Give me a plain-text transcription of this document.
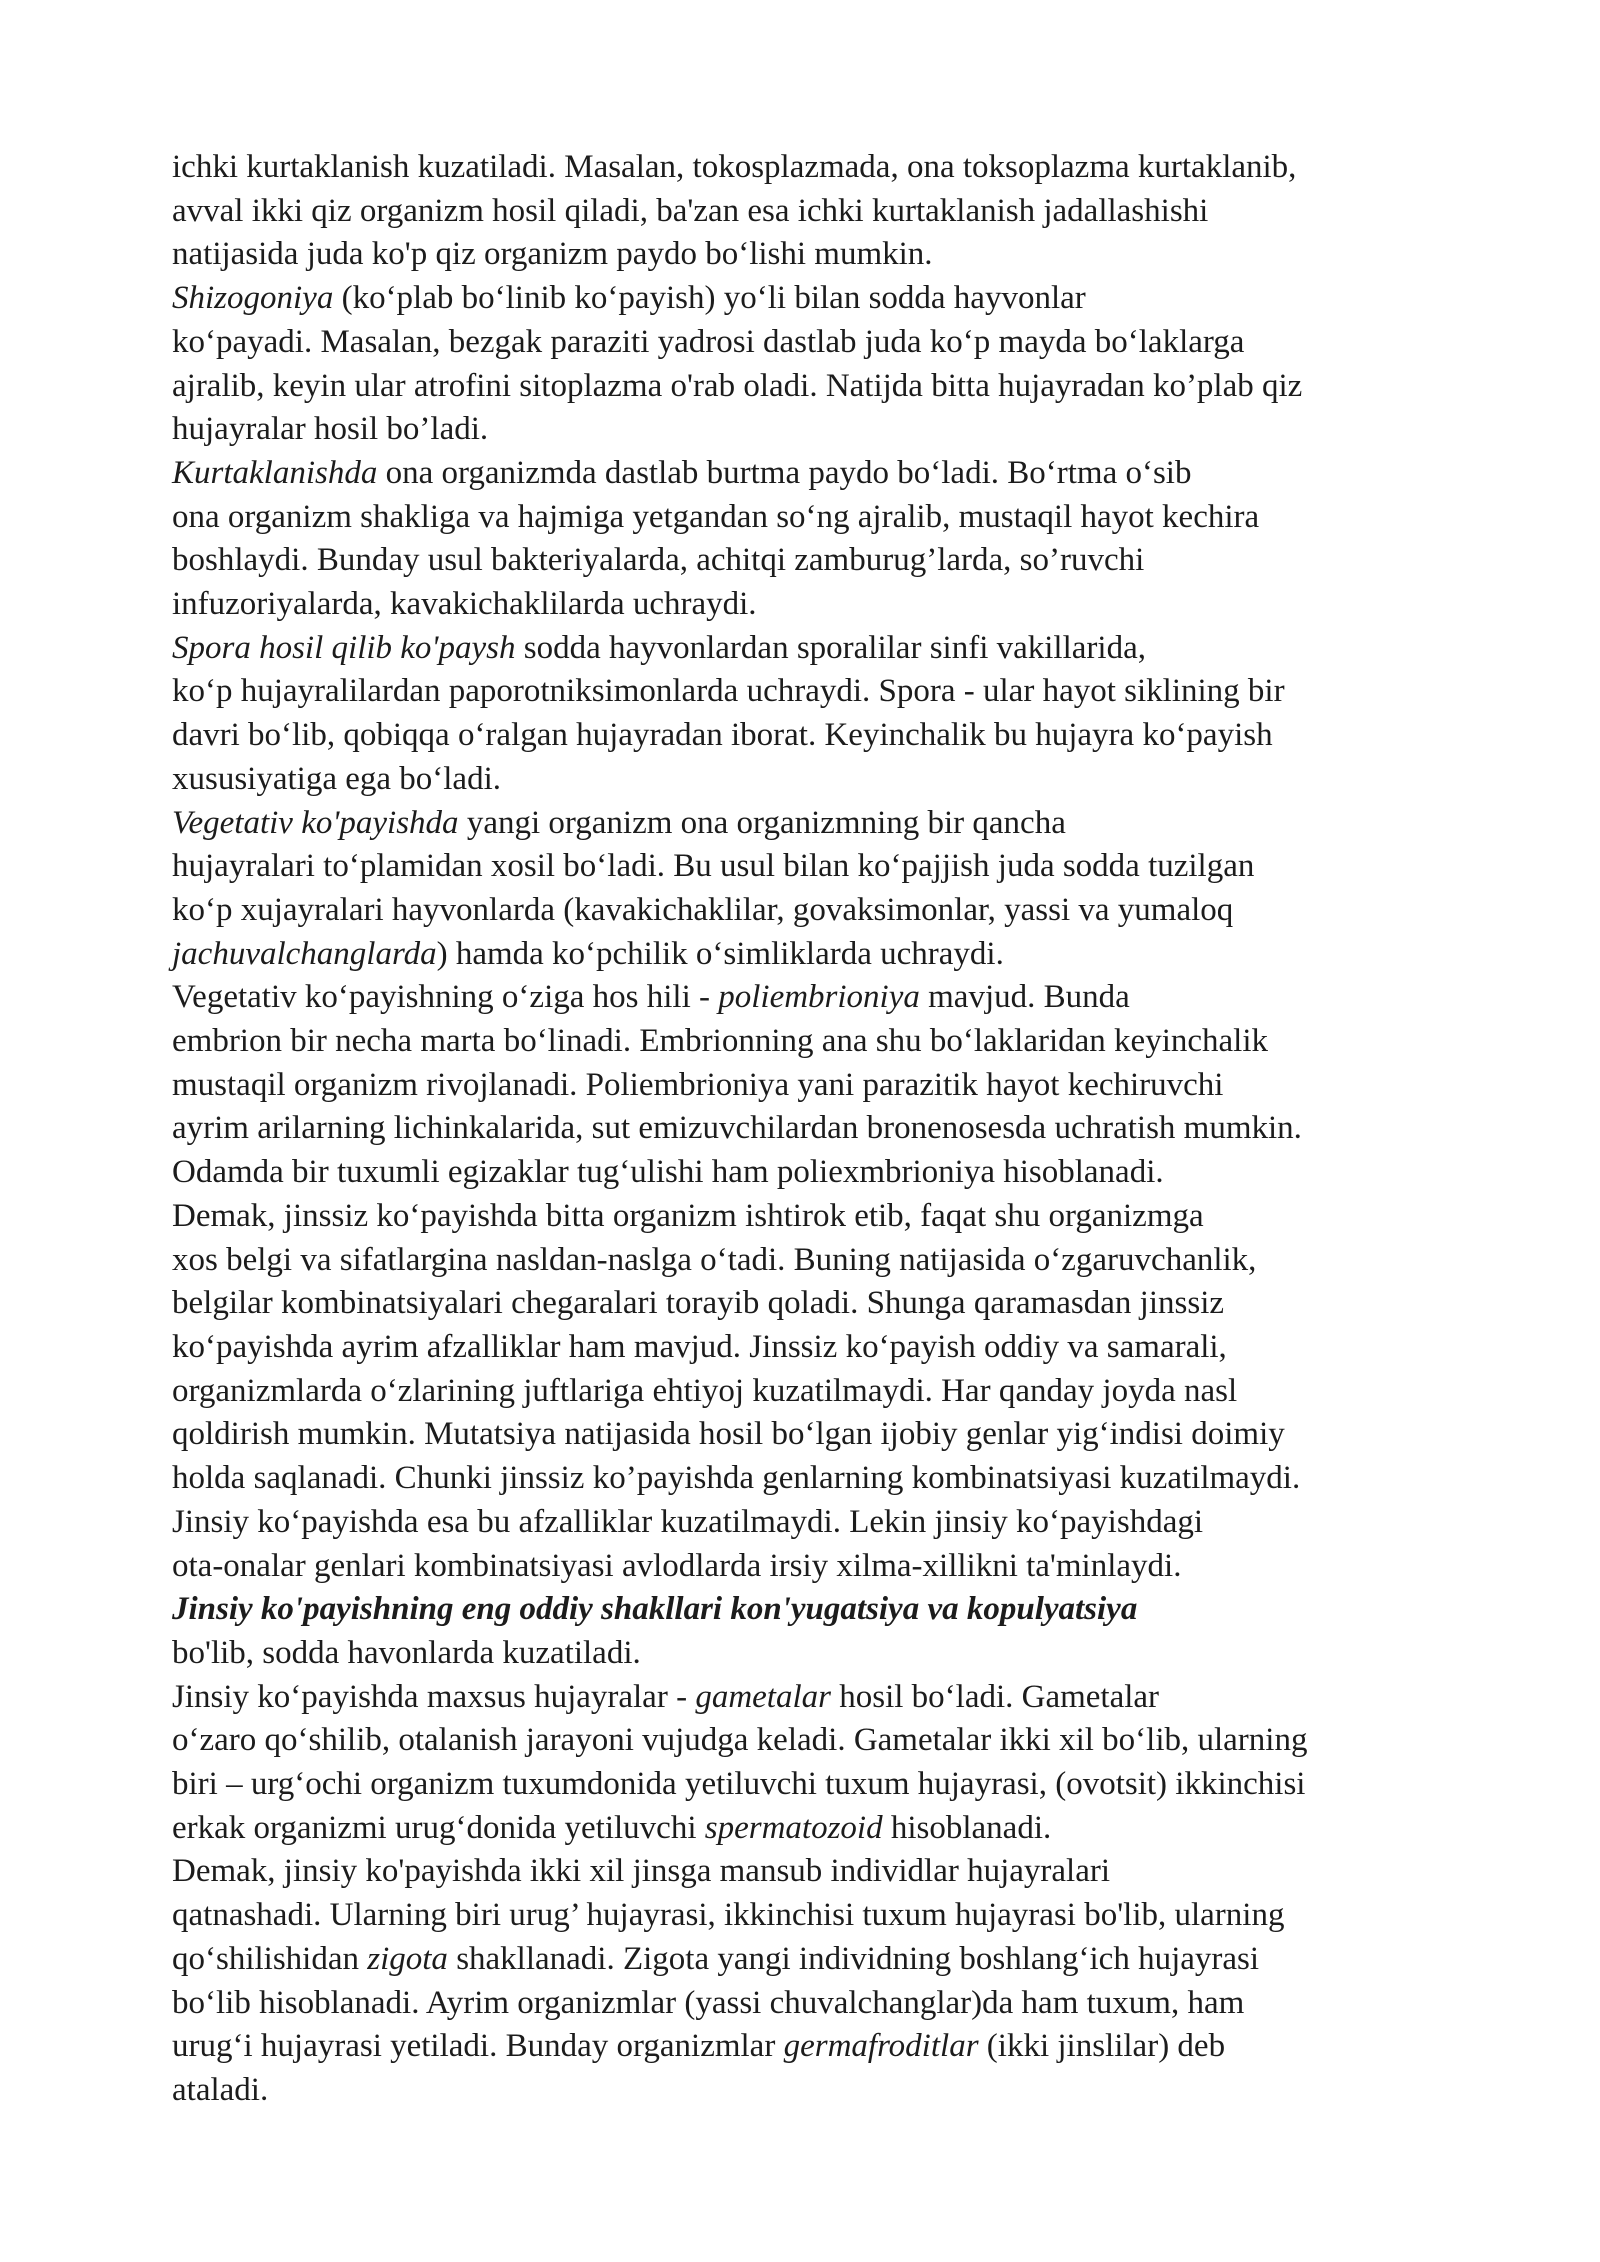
ichki kurtaklanish kuzatiladi. Masalan, tokosplazmada, ona toksoplazma kurtaklanib,
avval ikki qiz organizm hosil qiladi, ba'zan esa ichki kurtaklanish jadallashishi
natijasida juda ko'p qiz organizm paydo bo‘lishi mumkin.
Shizogoniya (ko‘plab bo‘linib ko‘payish) yo‘li bilan sodda hayvonlar
ko‘payadi. Masalan, bezgak paraziti yadrosi dastlab juda ko‘p mayda bo‘laklarga
ajralib, keyin ular atrofini sitoplazma o'rab oladi. Natijda bitta hujayradan ko’plab qiz
hujayralar hosil bo’ladi.
Kurtaklanishda ona organizmda dastlab burtma paydo bo‘ladi. Bo‘rtma o‘sib
ona organizm shakliga va hajmiga yetgandan so‘ng ajralib, mustaqil hayot kechira
boshlaydi. Bunday usul bakteriyalarda, achitqi zamburug’larda, so’ruvchi
infuzoriyalarda, kavakichaklilarda uchraydi.
Spora hosil qilib ko'paysh sodda hayvonlardan sporalilar sinfi vakillarida,
ko‘p hujayralilardan paporotniksimonlarda uchraydi. Spora - ular hayot siklining bir
davri bo‘lib, qobiqqa o‘ralgan hujayradan iborat. Keyinchalik bu hujayra ko‘payish
xususiyatiga ega bo‘ladi.
Vegetativ ko'payishda yangi organizm ona organizmning bir qancha
hujayralari to‘plamidan xosil bo‘ladi. Bu usul bilan ko‘pajjish juda sodda tuzilgan
ko‘p xujayralari hayvonlarda (kavakichaklilar, govaksimonlar, yassi va yumaloq
jachuvalchanglarda) hamda ko‘pchilik o‘simliklarda uchraydi.
Vegetativ ko‘payishning o‘ziga hos hili - poliembrioniya mavjud. Bunda
embrion bir necha marta bo‘linadi. Embrionning ana shu bo‘laklaridan keyinchalik
mustaqil organizm rivojlanadi. Poliembrioniya yani parazitik hayot kechiruvchi
ayrim arilarning lichinkalarida, sut emizuvchilardan bronenosesda uchratish mumkin.
Odamda bir tuxumli egizaklar tug‘ulishi ham poliexmbrioniya hisoblanadi.
Demak, jinssiz ko‘payishda bitta organizm ishtirok etib, faqat shu organizmga
xos belgi va sifatlargina nasldan-naslga o‘tadi. Buning natijasida o‘zgaruvchanlik,
belgilar kombinatsiyalari chegaralari torayib qoladi. Shunga qaramasdan jinssiz
ko‘payishda ayrim afzalliklar ham mavjud. Jinssiz ko‘payish oddiy va samarali,
organizmlarda o‘zlarining juftlariga ehtiyoj kuzatilmaydi. Har qanday joyda nasl
qoldirish mumkin. Mutatsiya natijasida hosil bo‘lgan ijobiy genlar yig‘indisi doimiy
holda saqlanadi. Chunki jinssiz ko’payishda genlarning kombinatsiyasi kuzatilmaydi.
Jinsiy ko‘payishda esa bu afzalliklar kuzatilmaydi. Lekin jinsiy ko‘payishdagi
ota-onalar genlari kombinatsiyasi avlodlarda irsiy xilma-xillikni ta'minlaydi.
Jinsiy ko'payishning eng oddiy shakllari kon'yugatsiya va kopulyatsiya
bo'lib, sodda havonlarda kuzatiladi.
Jinsiy ko‘payishda maxsus hujayralar - gametalar hosil bo‘ladi. Gametalar
o‘zaro qo‘shilib, otalanish jarayoni vujudga keladi. Gametalar ikki xil bo‘lib, ularning
biri – urg‘ochi organizm tuxumdonida yetiluvchi tuxum hujayrasi, (ovotsit) ikkinchisi
erkak organizmi urug‘donida yetiluvchi spermatozoid hisoblanadi.
Demak, jinsiy ko'payishda ikki xil jinsga mansub individlar hujayralari
qatnashadi. Ularning biri urug’ hujayrasi, ikkinchisi tuxum hujayrasi bo'lib, ularning
qo‘shilishidan zigota shakllanadi. Zigota yangi individning boshlang‘ich hujayrasi
bo‘lib hisoblanadi. Ayrim organizmlar (yassi chuvalchanglar)da ham tuxum, ham
urug‘i hujayrasi yetiladi. Bunday organizmlar germafroditlar (ikki jinslilar) deb
ataladi.
